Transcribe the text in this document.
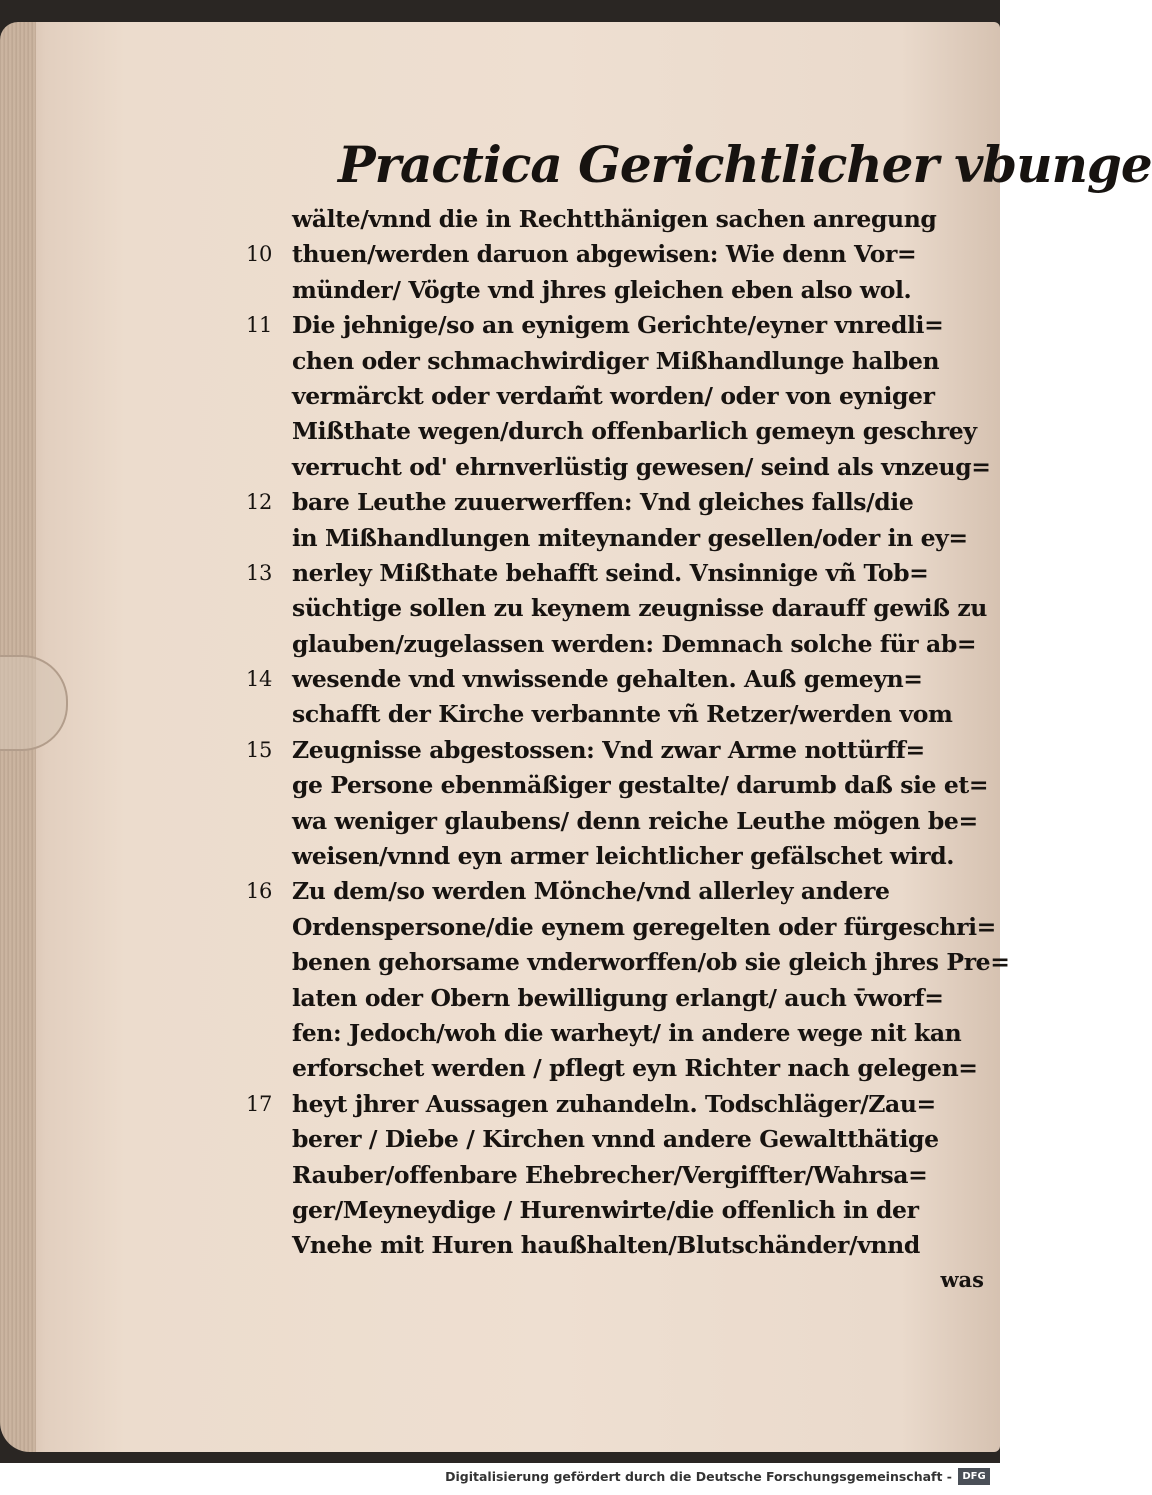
Practica Gerichtlicher vbunge
wälte/vnnd die in Rechtthänigen sachen anregung
10 thuen/werden daruon abgewisen: Wie denn Vor=
münder/ Vögte vnd jhres gleichen eben also wol.
11 Die jehnige/so an eynigem Gerichte/eyner vnredli=
chen oder schmachwirdiger Mißhandlunge halben
vermärckt oder verdam̃t worden/ oder von eyniger
Mißthate wegen/durch offenbarlich gemeyn geschrey
verrucht od' ehrnverlüstig gewesen/ seind als vnzeug=
12 bare Leuthe zuuerwerffen: Vnd gleiches falls/die
in Mißhandlungen miteynander gesellen/oder in ey=
13 nerley Mißthate behafft seind. Vnsinnige vñ Tob=
süchtige sollen zu keynem zeugnisse darauff gewiß zu
glauben/zugelassen werden: Demnach solche für ab=
14 wesende vnd vnwissende gehalten. Auß gemeyn=
schafft der Kirche verbannte vñ Retzer/werden vom
15 Zeugnisse abgestossen: Vnd zwar Arme nottürff=
ge Persone ebenmäßiger gestalte/ darumb daß sie et=
wa weniger glaubens/ denn reiche Leuthe mögen be=
weisen/vnnd eyn armer leichtlicher gefälschet wird.
16 Zu dem/so werden Mönche/vnd allerley andere
Ordenspersone/die eynem geregelten oder fürgeschri=
benen gehorsame vnderworffen/ob sie gleich jhres Pre=
laten oder Obern bewilligung erlangt/ auch v̄worf=
fen: Jedoch/woh die warheyt/ in andere wege nit kan
erforschet werden / pflegt eyn Richter nach gelegen=
17 heyt jhrer Aussagen zuhandeln. Todschläger/Zau=
berer / Diebe / Kirchen vnnd andere Gewaltthätige
Rauber/offenbare Ehebrecher/Vergiffter/Wahrsa=
ger/Meyneydige / Hurenwirte/die offenlich in der
Vnehe mit Huren haußhalten/Blutschänder/vnnd
was
Digitalisierung gefördert durch die Deutsche Forschungsgemeinschaft -	DFG
